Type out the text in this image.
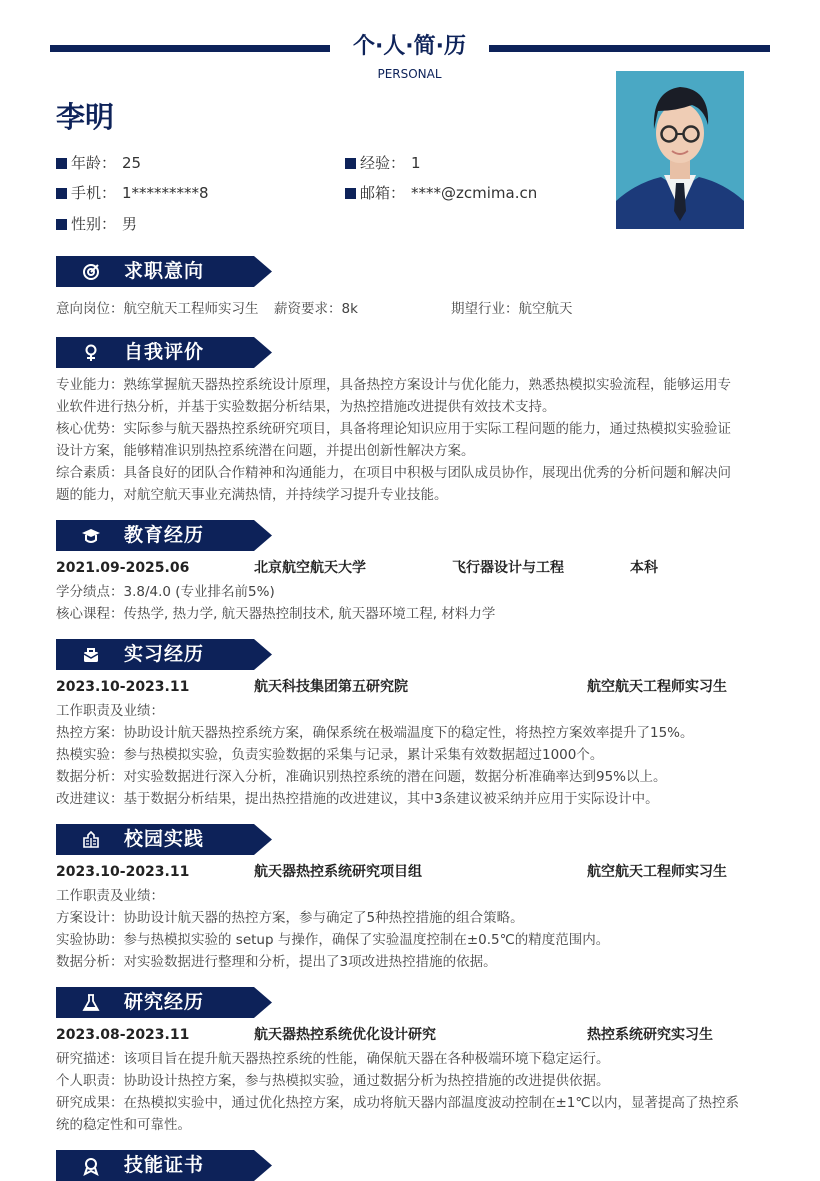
个·人·简·历
PERSONAL
李明
年龄： 25	经验： 1
手机： 1*********8	邮箱： ****@zcmima.cn
性别： 男
求职意向
意向岗位：航空航天工程师实习生 薪资要求：8k	期望行业：航空航天
自我评价
专业能力：熟练掌握航天器热控系统设计原理，具备热控方案设计与优化能力，熟悉热模拟实验流程，能够运用专
业软件进行热分析，并基于实验数据分析结果，为热控措施改进提供有效技术支持。
核心优势：实际参与航天器热控系统研究项目，具备将理论知识应用于实际工程问题的能力，通过热模拟实验验证
设计方案，能够精准识别热控系统潜在问题，并提出创新性解决方案。
综合素质：具备良好的团队合作精神和沟通能力，在项目中积极与团队成员协作，展现出优秀的分析问题和解决问
题的能力，对航空航天事业充满热情，并持续学习提升专业技能。
教育经历
2021.09-2025.06	北京航空航天大学	飞行器设计与工程	本科
学分绩点：3.8/4.0 (专业排名前5%)
核心课程：传热学, 热力学, 航天器热控制技术, 航天器环境工程, 材料力学
实习经历
2023.10-2023.11	航天科技集团第五研究院	航空航天工程师实习生
工作职责及业绩：
热控方案：协助设计航天器热控系统方案，确保系统在极端温度下的稳定性，将热控方案效率提升了15%。
热模实验：参与热模拟实验，负责实验数据的采集与记录，累计采集有效数据超过1000个。
数据分析：对实验数据进行深入分析，准确识别热控系统的潜在问题，数据分析准确率达到95%以上。
改进建议：基于数据分析结果，提出热控措施的改进建议，其中3条建议被采纳并应用于实际设计中。
校园实践
2023.10-2023.11	航天器热控系统研究项目组	航空航天工程师实习生
工作职责及业绩：
方案设计：协助设计航天器的热控方案，参与确定了5种热控措施的组合策略。
实验协助：参与热模拟实验的 setup 与操作，确保了实验温度控制在±0.5℃的精度范围内。
数据分析：对实验数据进行整理和分析，提出了3项改进热控措施的依据。
研究经历
2023.08-2023.11	航天器热控系统优化设计研究	热控系统研究实习生
研究描述：该项目旨在提升航天器热控系统的性能，确保航天器在各种极端环境下稳定运行。
个人职责：协助设计热控方案，参与热模拟实验，通过数据分析为热控措施的改进提供依据。
研究成果：在热模拟实验中，通过优化热控方案，成功将航天器内部温度波动控制在±1℃以内，显著提高了热控系
统的稳定性和可靠性。
技能证书
